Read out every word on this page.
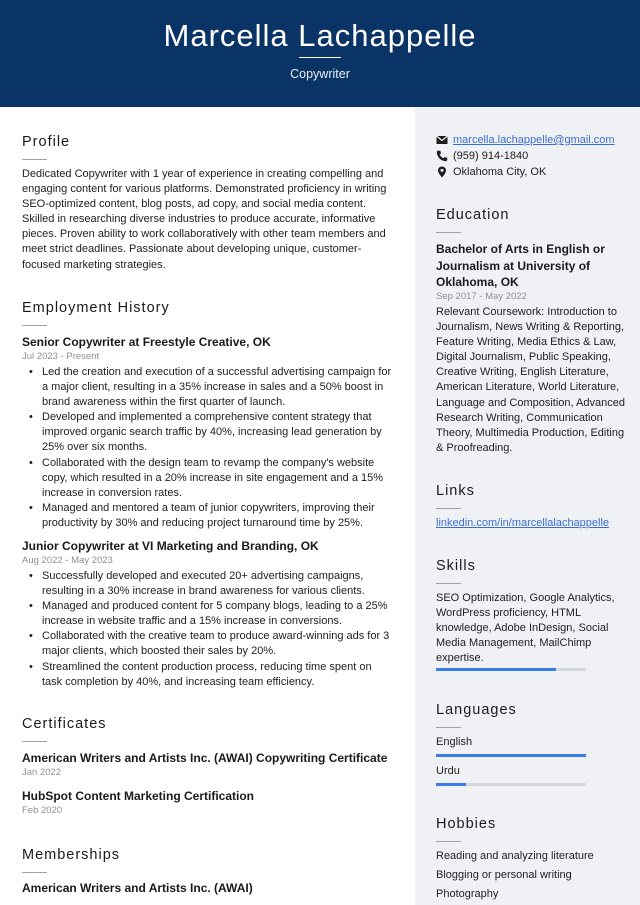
Marcella Lachappelle
Copywriter
Profile
Dedicated Copywriter with 1 year of experience in creating compelling and engaging content for various platforms. Demonstrated proficiency in writing SEO-optimized content, blog posts, ad copy, and social media content. Skilled in researching diverse industries to produce accurate, informative pieces. Proven ability to work collaboratively with other team members and meet strict deadlines. Passionate about developing unique, customer-focused marketing strategies.
Employment History
Senior Copywriter at Freestyle Creative, OK
Jul 2023 - Present
• Led the creation and execution of a successful advertising campaign for a major client, resulting in a 35% increase in sales and a 50% boost in brand awareness within the first quarter of launch.
• Developed and implemented a comprehensive content strategy that improved organic search traffic by 40%, increasing lead generation by 25% over six months.
• Collaborated with the design team to revamp the company's website copy, which resulted in a 20% increase in site engagement and a 15% increase in conversion rates.
• Managed and mentored a team of junior copywriters, improving their productivity by 30% and reducing project turnaround time by 25%.
Junior Copywriter at VI Marketing and Branding, OK
Aug 2022 - May 2023
• Successfully developed and executed 20+ advertising campaigns, resulting in a 30% increase in brand awareness for various clients.
• Managed and produced content for 5 company blogs, leading to a 25% increase in website traffic and a 15% increase in conversions.
• Collaborated with the creative team to produce award-winning ads for 3 major clients, which boosted their sales by 20%.
• Streamlined the content production process, reducing time spent on task completion by 40%, and increasing team efficiency.
Certificates
American Writers and Artists Inc. (AWAI) Copywriting Certificate
Jan 2022
HubSpot Content Marketing Certification
Feb 2020
Memberships
American Writers and Artists Inc. (AWAI)
marcella.lachappelle@gmail.com
(959) 914-1840
Oklahoma City, OK
Education
Bachelor of Arts in English or Journalism at University of Oklahoma, OK
Sep 2017 - May 2022
Relevant Coursework: Introduction to Journalism, News Writing & Reporting, Feature Writing, Media Ethics & Law, Digital Journalism, Public Speaking, Creative Writing, English Literature, American Literature, World Literature, Language and Composition, Advanced Research Writing, Communication Theory, Multimedia Production, Editing & Proofreading.
Links
linkedin.com/in/marcellalachappelle
Skills
SEO Optimization, Google Analytics, WordPress proficiency, HTML knowledge, Adobe InDesign, Social Media Management, MailChimp expertise.
Languages
English
Urdu
Hobbies
Reading and analyzing literature
Blogging or personal writing
Photography
